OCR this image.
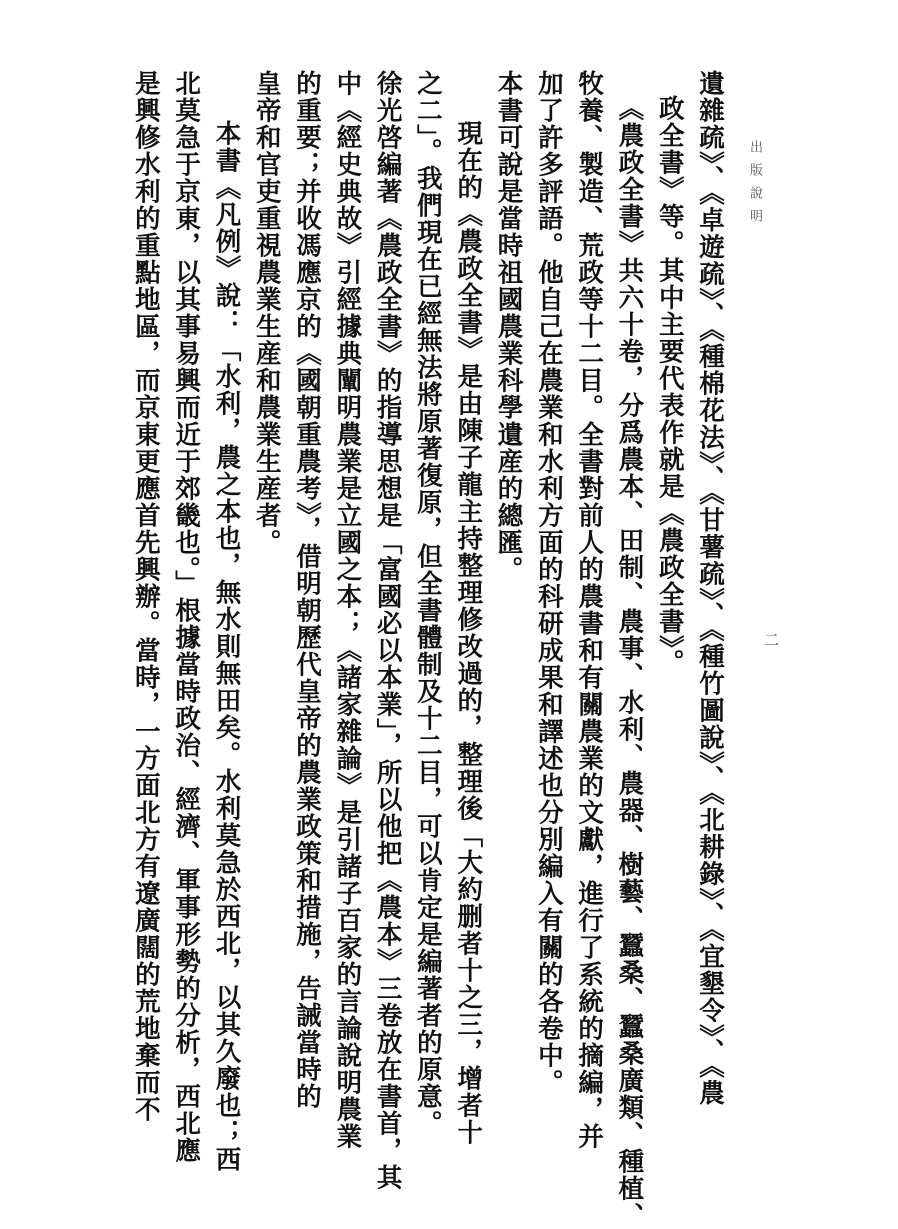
出版說明
二
遺雜疏》、《卓遊疏》、《種棉花法》、《甘薯疏》、《種竹圖說》、《北耕錄》、《宜墾令》、《農
政全書》等。其中主要代表作就是《農政全書》。
《農政全書》共六十卷，分爲農本、田制、農事、水利、農器、樹藝、蠶桑、蠶桑廣類、種植、
牧養、製造、荒政等十二目。全書對前人的農書和有關農業的文獻，進行了系統的摘編，并
加了許多評語。他自己在農業和水利方面的科研成果和譯述也分別編入有關的各卷中。
本書可說是當時祖國農業科學遺産的總匯。
現在的《農政全書》是由陳子龍主持整理修改過的，整理後「大約删者十之三，增者十
之二」。我們現在已經無法將原著復原，但全書體制及十二目，可以肯定是編著者的原意。
徐光啓編著《農政全書》的指導思想是「富國必以本業」，所以他把《農本》三卷放在書首，其
中《經史典故》引經據典闡明農業是立國之本；《諸家雜論》是引諸子百家的言論說明農業
的重要；并收馮應京的《國朝重農考》，借明朝歷代皇帝的農業政策和措施，告誡當時的
皇帝和官吏重視農業生産和農業生産者。
本書《凡例》說：「水利，農之本也，無水則無田矣。水利莫急於西北，以其久廢也；西
北莫急于京東，以其事易興而近于郊畿也。」根據當時政治、經濟、軍事形勢的分析，西北應
是興修水利的重點地區，而京東更應首先興辦。當時，一方面北方有遼廣闊的荒地棄而不
